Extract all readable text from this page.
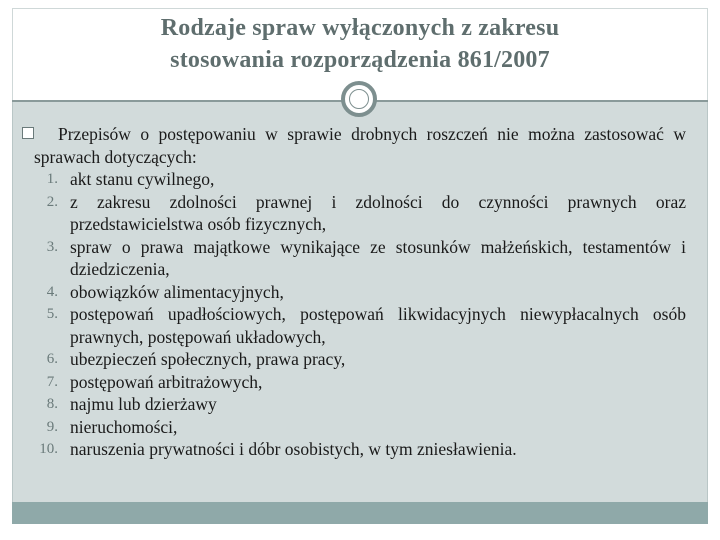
Rodzaje spraw wyłączonych z zakresu
stosowania rozporządzenia 861/2007
Przepisów o postępowaniu w sprawie drobnych roszczeń nie można zastosować w sprawach dotyczących:
1. akt stanu cywilnego,
2. z zakresu zdolności prawnej i zdolności do czynności prawnych oraz przedstawicielstwa osób fizycznych,
3. spraw o prawa majątkowe wynikające ze stosunków małżeńskich, testamentów i dziedziczenia,
4. obowiązków alimentacyjnych,
5. postępowań upadłościowych, postępowań likwidacyjnych niewypłacalnych osób prawnych, postępowań układowych,
6. ubezpieczeń społecznych, prawa pracy,
7. postępowań arbitrażowych,
8. najmu lub dzierżawy
9. nieruchomości,
10. naruszenia prywatności i dóbr osobistych, w tym zniesławienia.
